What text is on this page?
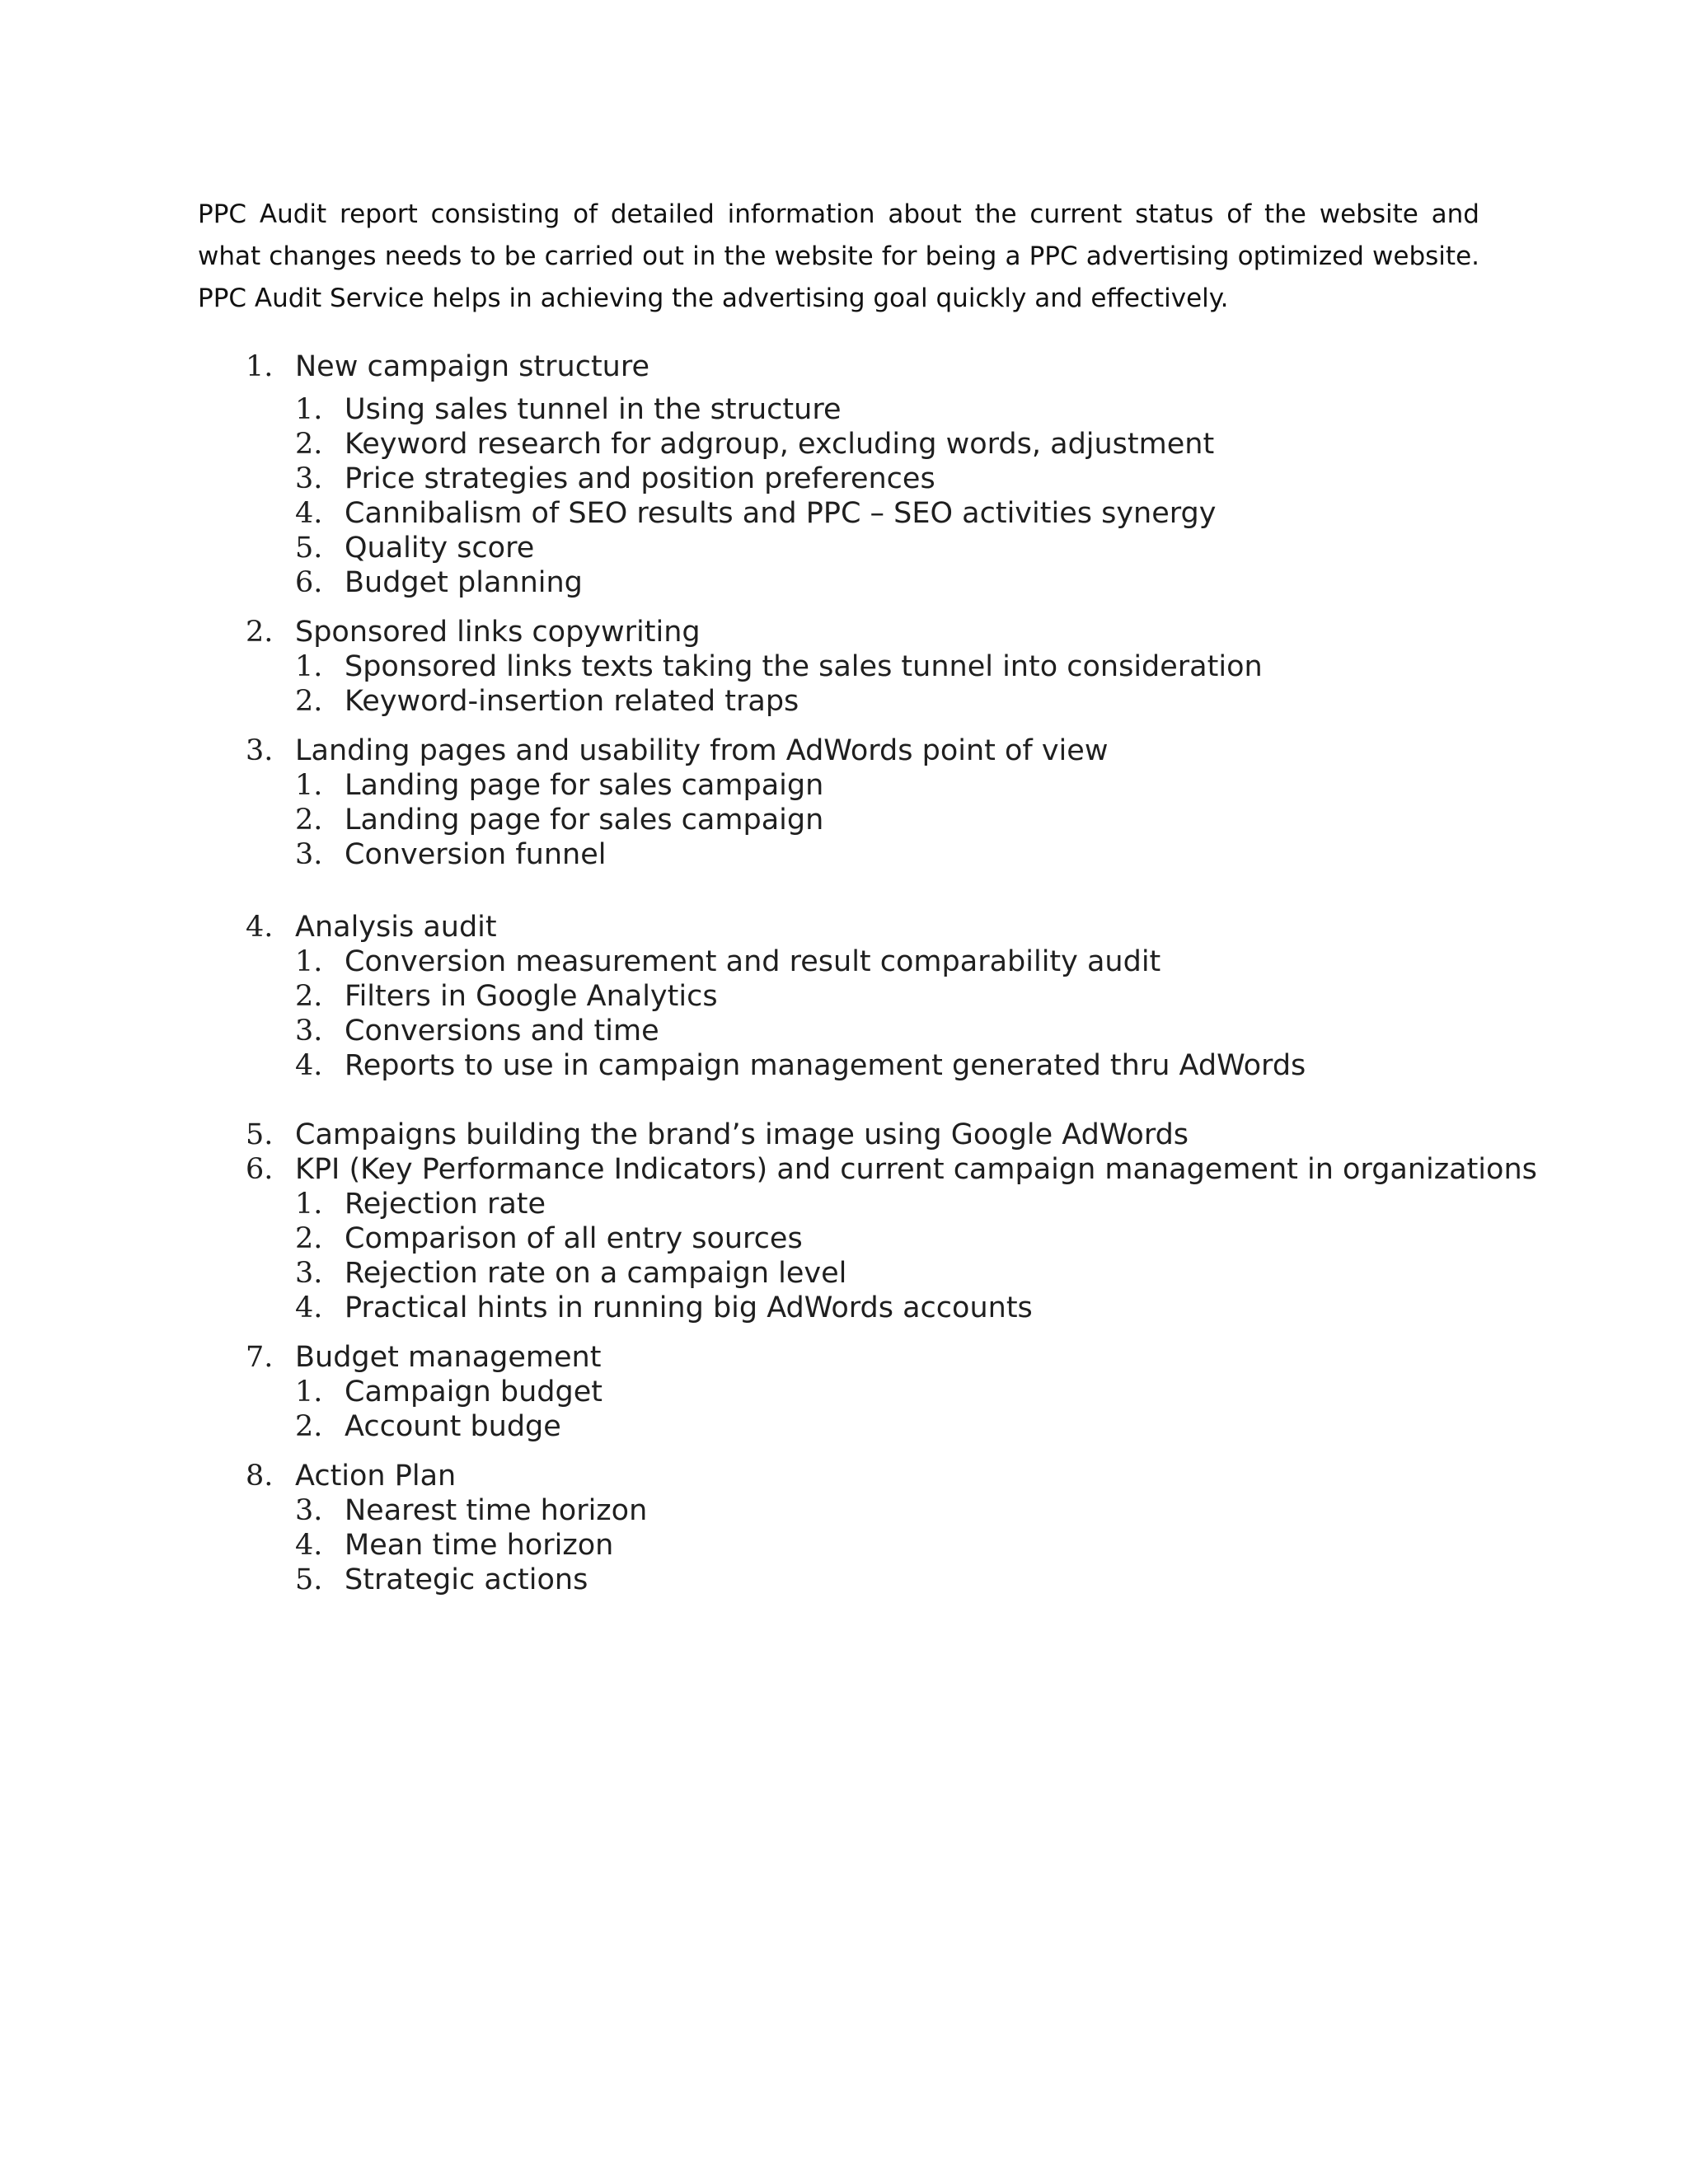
PPC Audit report consisting of detailed information about the current status of the website and what changes needs to be carried out in the website for being a PPC advertising optimized website. PPC Audit Service helps in achieving the advertising goal quickly and effectively.

1. New campaign structure
1. Using sales tunnel in the structure
2. Keyword research for adgroup, excluding words, adjustment
3. Price strategies and position preferences
4. Cannibalism of SEO results and PPC – SEO activities synergy
5. Quality score
6. Budget planning
2. Sponsored links copywriting
1. Sponsored links texts taking the sales tunnel into consideration
2. Keyword-insertion related traps
3. Landing pages and usability from AdWords point of view
1. Landing page for sales campaign
2. Landing page for sales campaign
3. Conversion funnel
4. Analysis audit
1. Conversion measurement and result comparability audit
2. Filters in Google Analytics
3. Conversions and time
4. Reports to use in campaign management generated thru AdWords
5. Campaigns building the brand’s image using Google AdWords
6. KPI (Key Performance Indicators) and current campaign management in organizations
1. Rejection rate
2. Comparison of all entry sources
3. Rejection rate on a campaign level
4. Practical hints in running big AdWords accounts
7. Budget management
1. Campaign budget
2. Account budge
8. Action Plan
3. Nearest time horizon
4. Mean time horizon
5. Strategic actions
